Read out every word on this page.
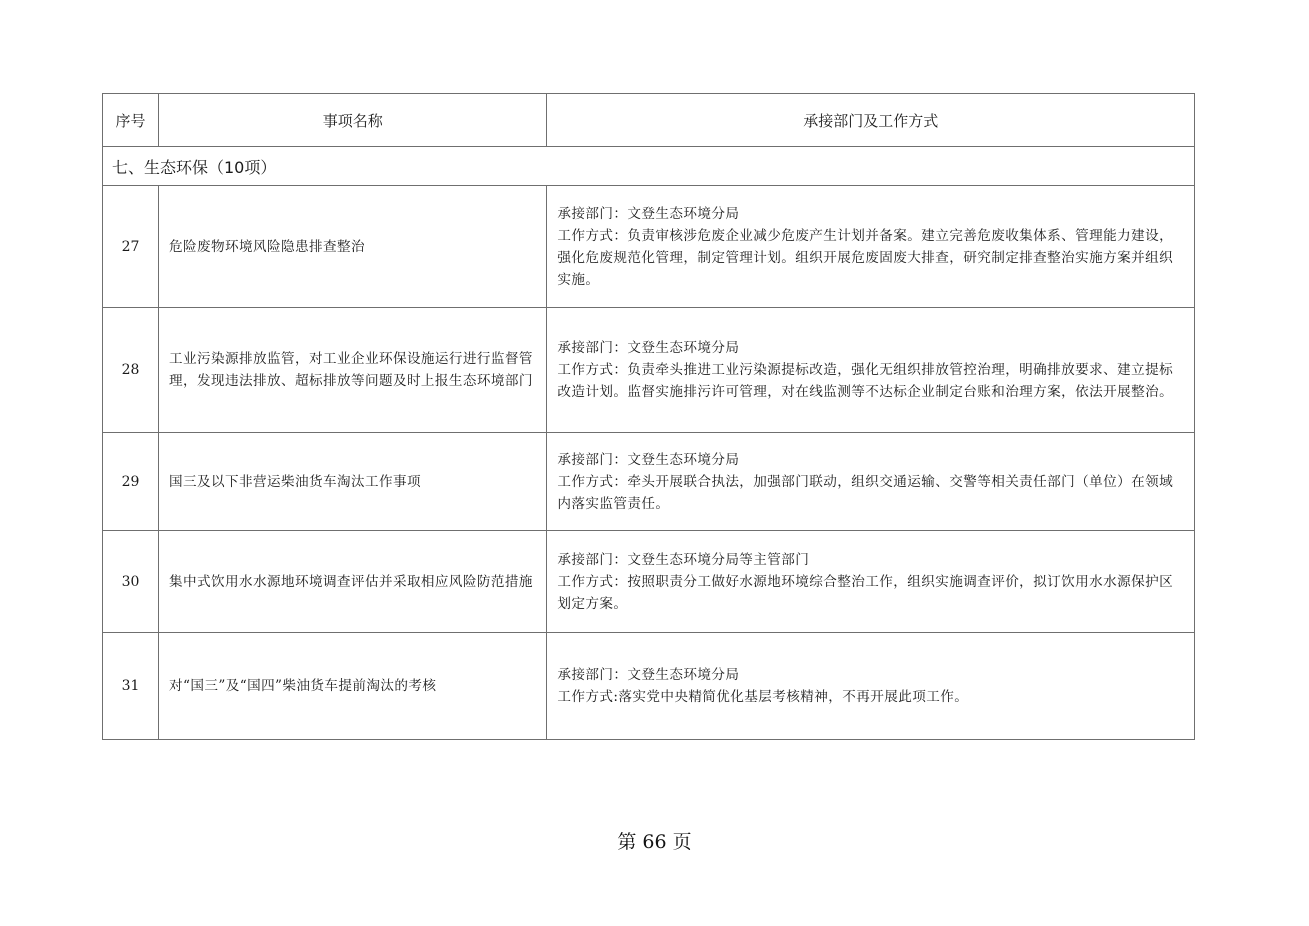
序号	事项名称	承接部门及工作方式
七、生态环保（10项）		
27	危险废物环境风险隐患排查整治	承接部门：文登生态环境分局
工作方式：负责审核涉危废企业减少危废产生计划并备案。建立完善危废收集体系、管理能力建设，强化危废规范化管理，制定管理计划。组织开展危废固废大排查，研究制定排查整治实施方案并组织实施。

28	工业污染源排放监管，对工业企业环保设施运行进行监督管理，发现违法排放、超标排放等问题及时上报生态环境部门	承接部门：文登生态环境分局
工作方式：负责牵头推进工业污染源提标改造，强化无组织排放管控治理，明确排放要求、建立提标改造计划。监督实施排污许可管理，对在线监测等不达标企业制定台账和治理方案，依法开展整治。

29	国三及以下非营运柴油货车淘汰工作事项	承接部门：文登生态环境分局
工作方式：牵头开展联合执法，加强部门联动，组织交通运输、交警等相关责任部门（单位）在领域内落实监管责任。

30	集中式饮用水水源地环境调查评估并采取相应风险防范措施	承接部门：文登生态环境分局等主管部门
工作方式：按照职责分工做好水源地环境综合整治工作，组织实施调查评价，拟订饮用水水源保护区划定方案。

31	对“国三”及“国四”柴油货车提前淘汰的考核	承接部门：文登生态环境分局
工作方式:落实党中央精简优化基层考核精神，不再开展此项工作。
第 66 页
